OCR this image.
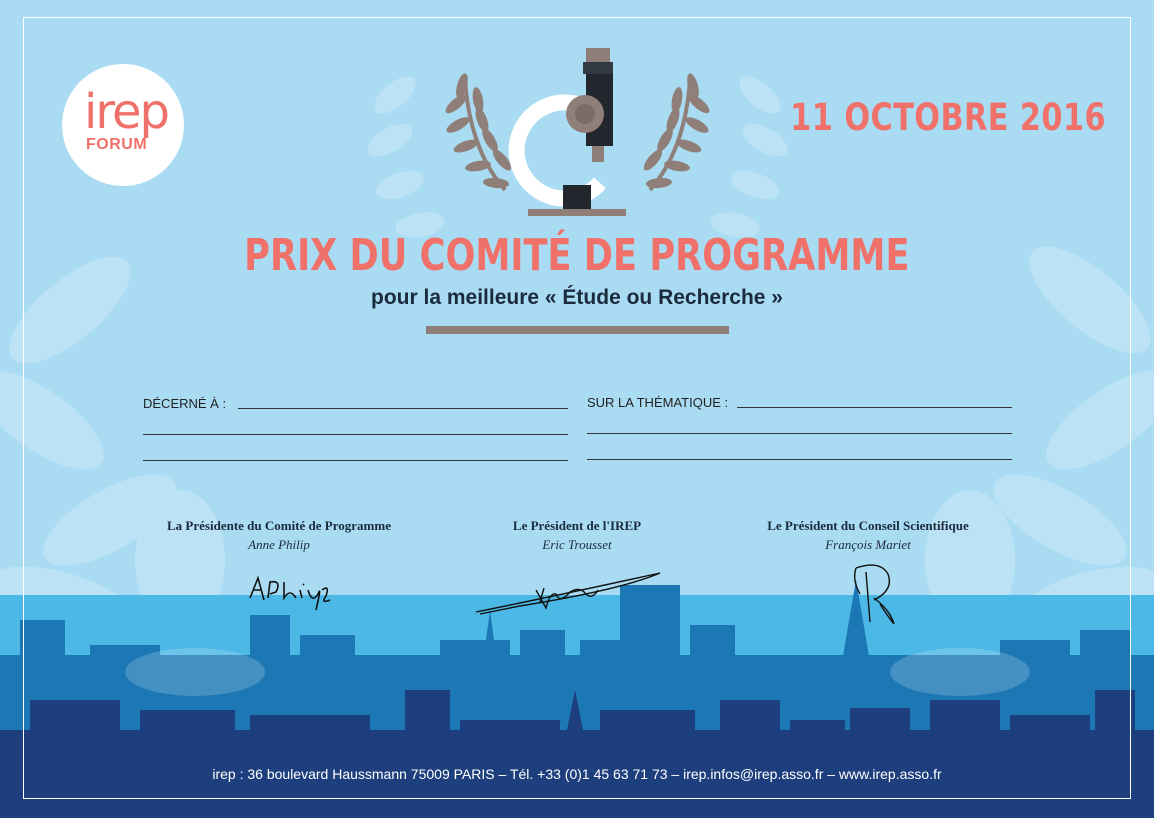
irep
FORUM
11 OCTOBRE 2016
PRIX DU COMITÉ DE PROGRAMME
pour la meilleure « Étude ou Recherche »
DÉCERNÉ À :	SUR LA THÉMATIQUE :
La Présidente du Comité de Programme
Anne Philip
Le Président de l'IREP
Eric Trousset
Le Président du Conseil Scientifique
François Mariet
irep : 36 boulevard Haussmann 75009 PARIS – Tél. +33 (0)1 45 63 71 73 – irep.infos@irep.asso.fr – www.irep.asso.fr
